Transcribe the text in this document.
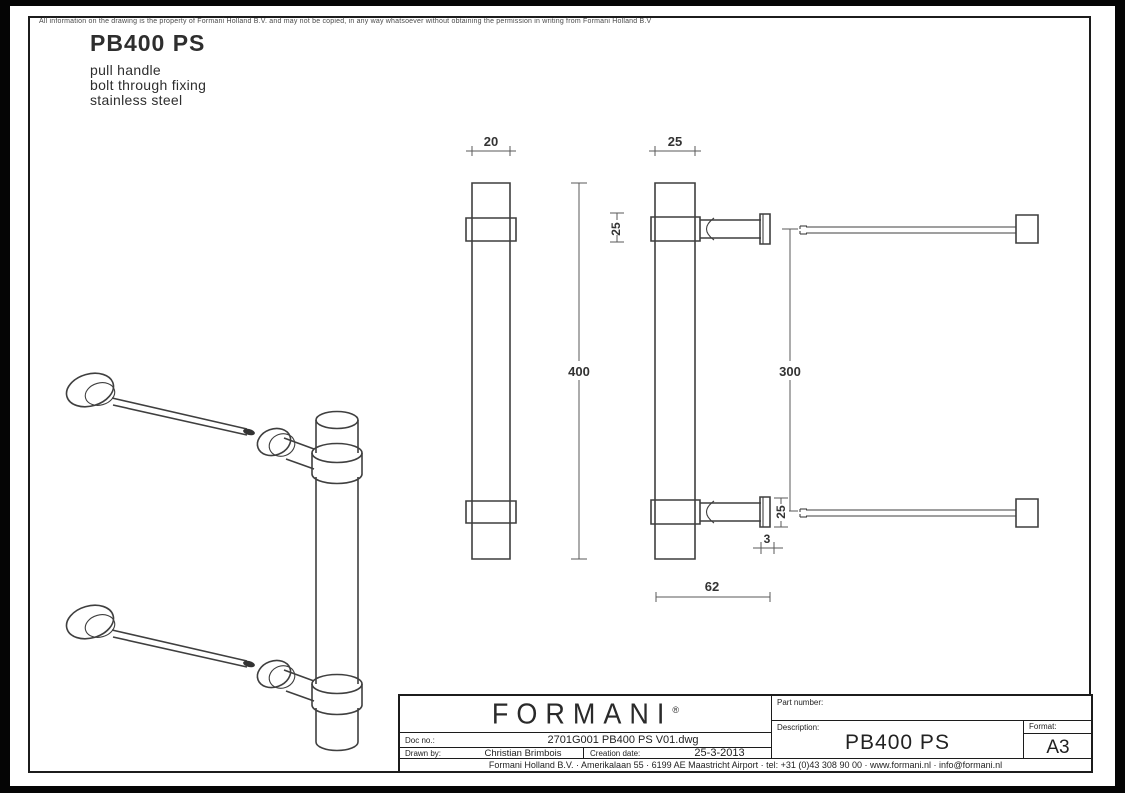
All information on the drawing is the property of Formani Holland B.V. and may not be copied, in any way whatsoever without obtaining the permission in writing from Formani Holland B.V
PB400 PS
pull handle
bolt through fixing
stainless steel
20
400
25
25
300
25
3
62
FORMANI®
Doc no.:	2701G001 PB400 PS V01.dwg
Drawn by:	Christian Brimbois	Creation date:	25-3-2013
Part number:
Description:
PB400 PS
Format:
A3
Formani Holland B.V. · Amerikalaan 55 · 6199 AE Maastricht Airport · tel: +31 (0)43 308 90 00 · www.formani.nl · info@formani.nl
